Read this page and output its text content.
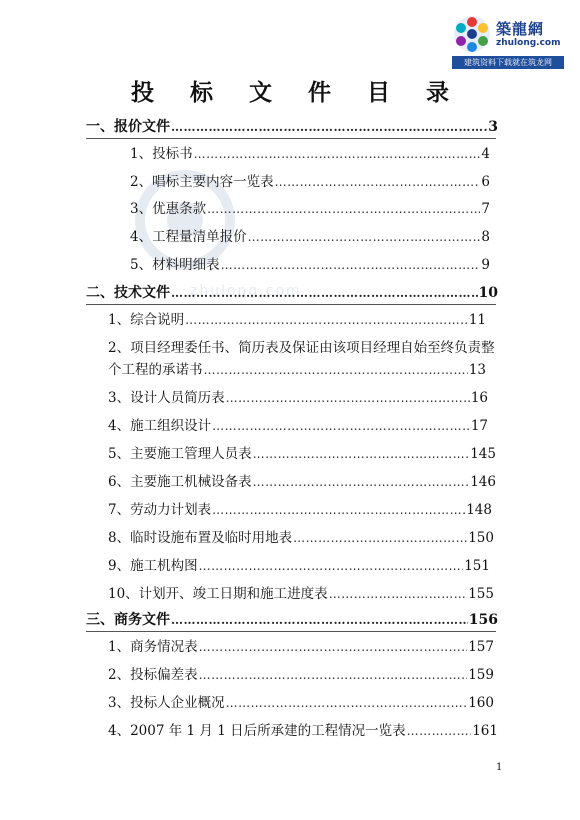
築龍網
zhulong.com
建筑资料下载就在筑龙网
zhulong.com
投 标 文 件 目 录
一、报价文件 ………………………………………………………………………………………………………………………………………………	3
1、投标书 ………………………………………………………………………………………………………………………………………………	4
2、唱标主要内容一览表 ………………………………………………………………………………………………………………………………………………	6
3、优惠条款 ………………………………………………………………………………………………………………………………………………	7
4、工程量清单报价 ………………………………………………………………………………………………………………………………………………	8
5、材料明细表 ………………………………………………………………………………………………………………………………………………	9
二、技术文件 ………………………………………………………………………………………………………………………………………………	10
1、综合说明 ………………………………………………………………………………………………………………………………………………	11
2、项目经理委任书、简历表及保证由该项目经理自始至终负责整
个工程的承诺书 ………………………………………………………………………………………………………………………………………………	13
3、设计人员简历表 ………………………………………………………………………………………………………………………………………………	16
4、施工组织设计 ………………………………………………………………………………………………………………………………………………	17
5、主要施工管理人员表 ………………………………………………………………………………………………………………………………………………	145
6、主要施工机械设备表 ………………………………………………………………………………………………………………………………………………	146
7、劳动力计划表 ………………………………………………………………………………………………………………………………………………	148
8、临时设施布置及临时用地表 ………………………………………………………………………………………………………………………………………………	150
9、施工机构图 ………………………………………………………………………………………………………………………………………………	151
10、计划开、竣工日期和施工进度表 ………………………………………………………………………………………………………………………………………………	155
三、商务文件 ………………………………………………………………………………………………………………………………………………	156
1、商务情况表 ………………………………………………………………………………………………………………………………………………	157
2、投标偏差表 ………………………………………………………………………………………………………………………………………………	159
3、投标人企业概况 ………………………………………………………………………………………………………………………………………………	160
4、2007 年 1 月 1 日后所承建的工程情况一览表 ………………………………………………………………………………………………………………………………………………	161
1
